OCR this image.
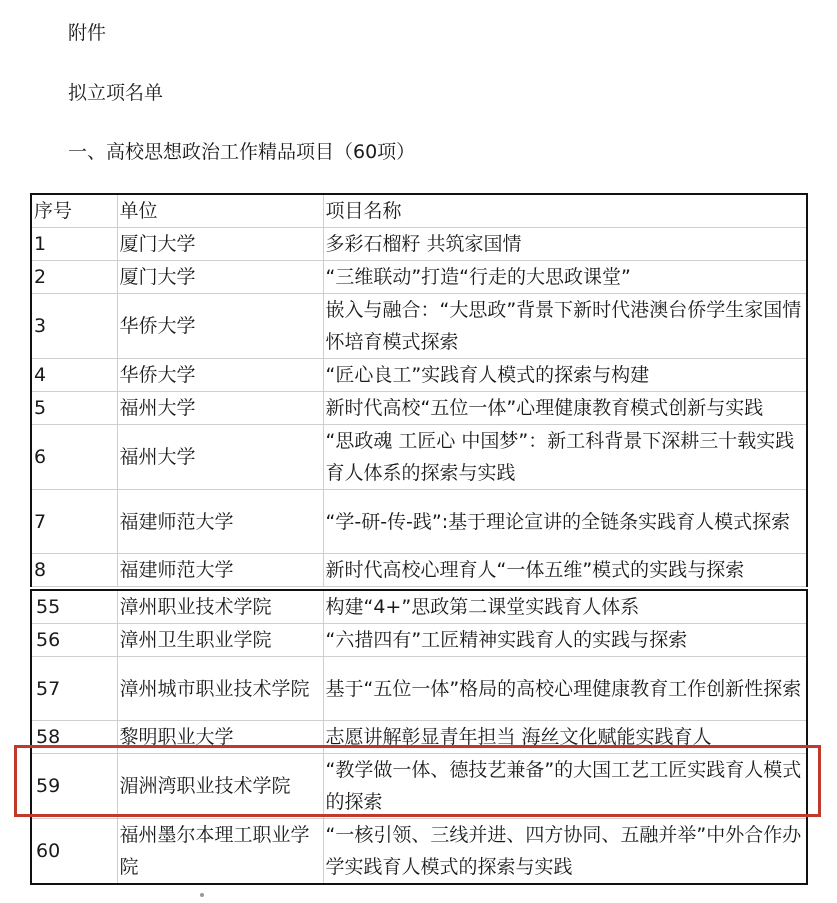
附件
拟立项名单
一、高校思想政治工作精品项目（60项）
序号	单位	项目名称
1	厦门大学	多彩石榴籽 共筑家国情
2	厦门大学	“三维联动”打造“行走的大思政课堂”
3	华侨大学	嵌入与融合：“大思政”背景下新时代港澳台侨学生家国情怀培育模式探索
4	华侨大学	“匠心良工”实践育人模式的探索与构建
5	福州大学	新时代高校“五位一体”心理健康教育模式创新与实践
6	福州大学	“思政魂 工匠心 中国梦”：新工科背景下深耕三十载实践育人体系的探索与实践
7	福建师范大学	“学-研-传-践”:基于理论宣讲的全链条实践育人模式探索
8	福建师范大学	新时代高校心理育人“一体五维”模式的实践与探索
55	漳州职业技术学院	构建“4+”思政第二课堂实践育人体系
56	漳州卫生职业学院	“六措四有”工匠精神实践育人的实践与探索
57	漳州城市职业技术学院	基于“五位一体”格局的高校心理健康教育工作创新性探索
58	黎明职业大学	志愿讲解彰显青年担当 海丝文化赋能实践育人
59	湄洲湾职业技术学院	“教学做一体、德技艺兼备”的大国工艺工匠实践育人模式的探索
60	福州墨尔本理工职业学院	“一核引领、三线并进、四方协同、五融并举”中外合作办学实践育人模式的探索与实践
